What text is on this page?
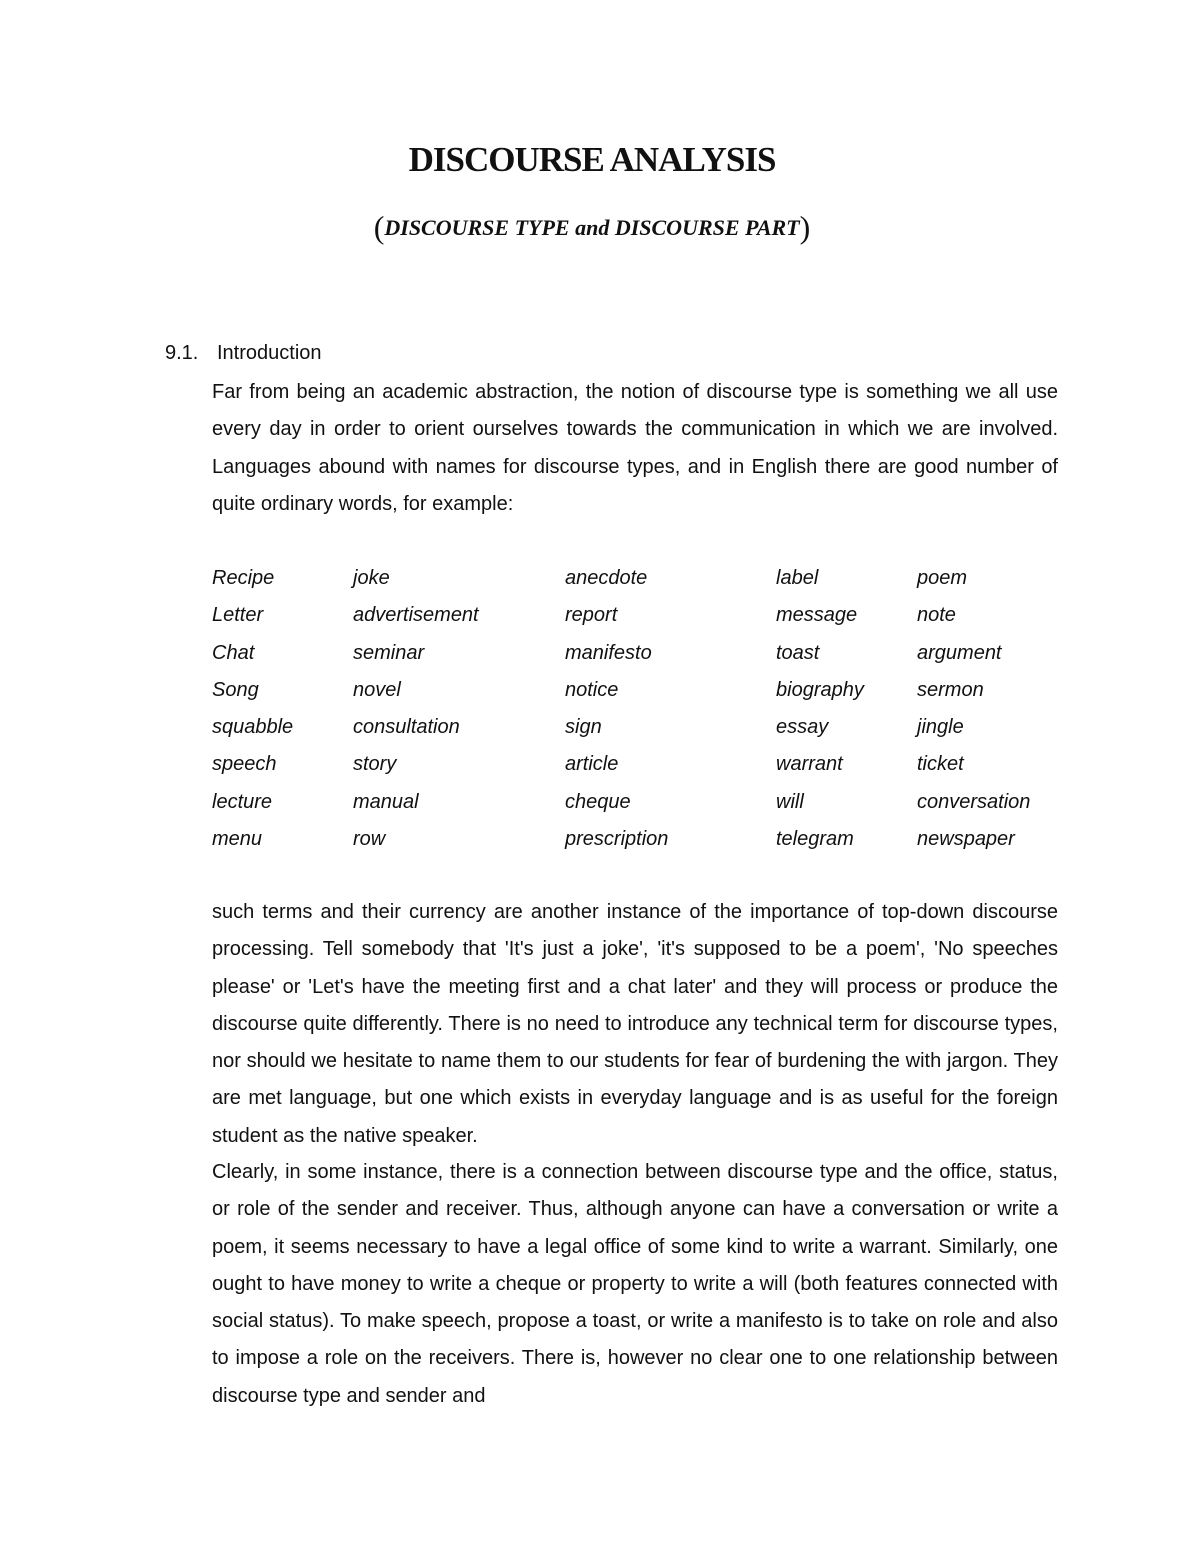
DISCOURSE ANALYSIS

(DISCOURSE TYPE and DISCOURSE PART)

9.1. Introduction

Far from being an academic abstraction, the notion of discourse type is something we all use every day in order to orient ourselves towards the communication in which we are involved. Languages abound with names for discourse types, and in English there are good number of quite ordinary words, for example:

Recipe	joke	anecdote	label	poem
Letter	advertisement	report	message	note
Chat	seminar	manifesto	toast	argument
Song	novel	notice	biography	sermon
squabble	consultation	sign	essay	jingle
speech	story	article	warrant	ticket
lecture	manual	cheque	will	conversation
menu	row	prescription	telegram	newspaper

such terms and their currency are another instance of the importance of top-down discourse processing. Tell somebody that 'It's just a joke', 'it's supposed to be a poem', 'No speeches please' or 'Let's have the meeting first and a chat later' and they will process or produce the discourse quite differently. There is no need to introduce any technical term for discourse types, nor should we hesitate to name them to our students for fear of burdening the with jargon. They are met language, but one which exists in everyday language and is as useful for the foreign student as the native speaker.

Clearly, in some instance, there is a connection between discourse type and the office, status, or role of the sender and receiver. Thus, although anyone can have a conversation or write a poem, it seems necessary to have a legal office of some kind to write a warrant. Similarly, one ought to have money to write a cheque or property to write a will (both features connected with social status). To make speech, propose a toast, or write a manifesto is to take on role and also to impose a role on the receivers. There is, however no clear one to one relationship between discourse type and sender and
